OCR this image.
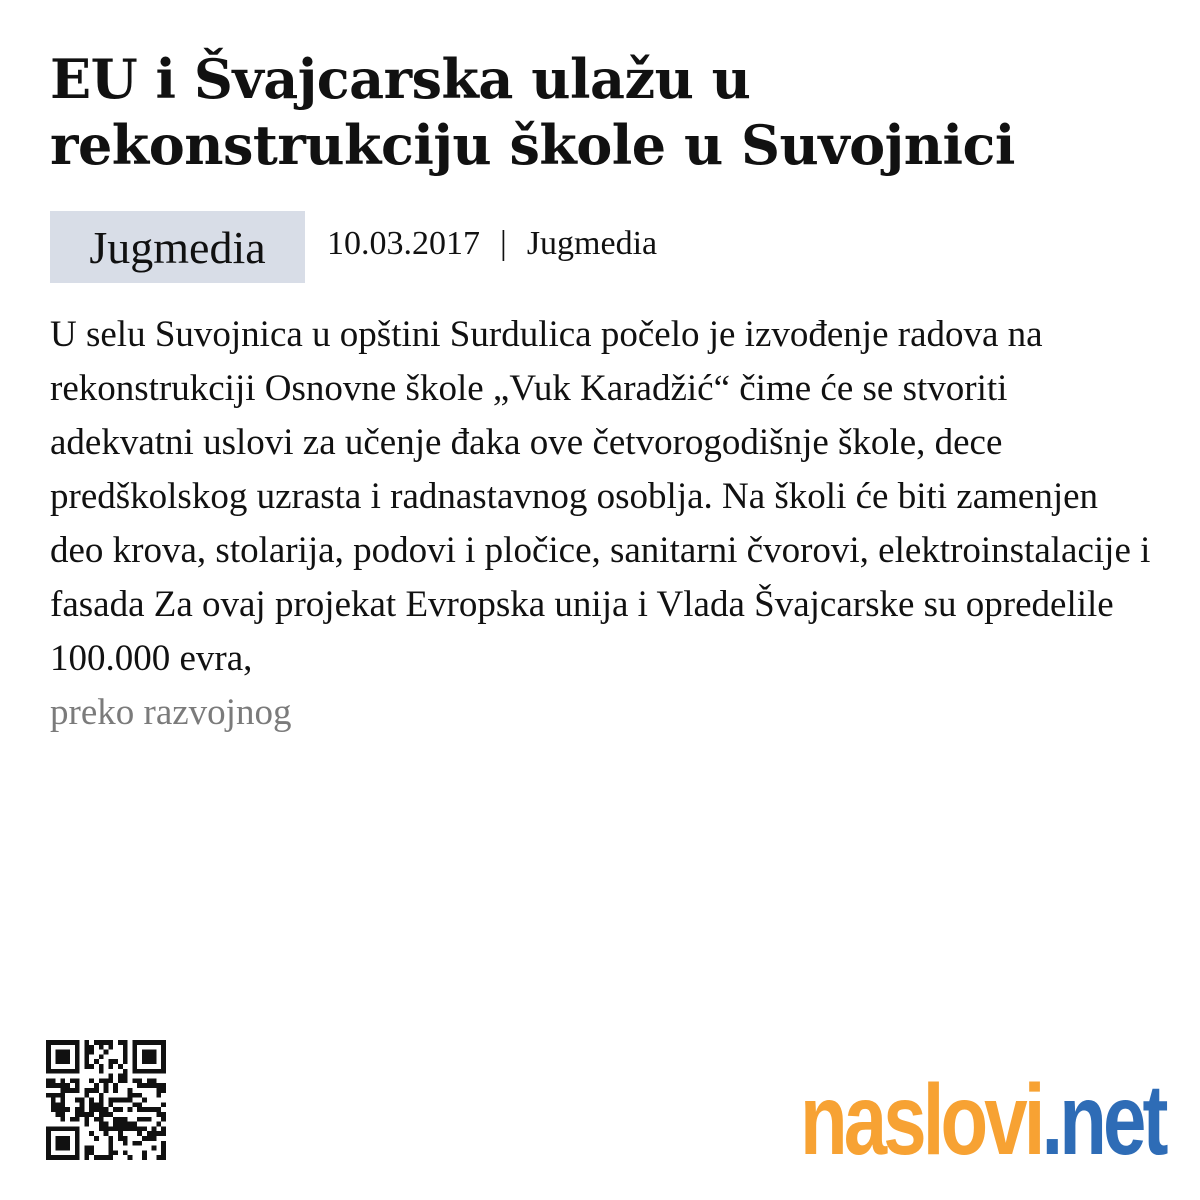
EU i Švajcarska ulažu u rekonstrukciju škole u Suvojnici
Jugmedia	10.03.2017 | Jugmedia

U selu Suvojnica u opštini Surdulica počelo je izvođenje radova na rekonstrukciji Osnovne škole „Vuk Karadžić“ čime će se stvoriti adekvatni uslovi za učenje đaka ove četvorogodišnje škole, dece predškolskog uzrasta i radnastavnog osoblja. Na školi će biti zamenjen deo krova, stolarija, podovi i pločice, sanitarni čvorovi, elektroinstalacije i fasada Za ovaj projekat Evropska unija i Vlada Švajcarske su opredelile 100.000 evra,
preko razvojnog

naslovi .net
